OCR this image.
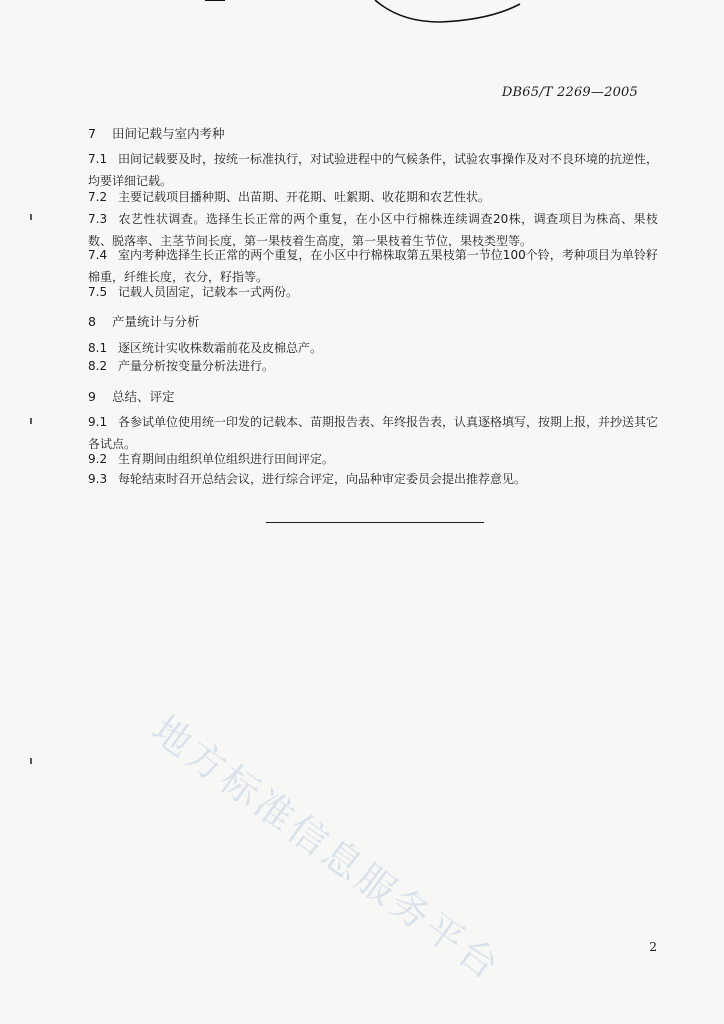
DB65/T 2269—2005
7 田间记载与室内考种
7.1 田间记载要及时，按统一标准执行，对试验进程中的气候条件，试验农事操作及对不良环境的抗逆性，均要详细记载。
7.2 主要记载项目播种期、出苗期、开花期、吐絮期、收花期和农艺性状。
7.3 农艺性状调查。选择生长正常的两个重复，在小区中行棉株连续调查20株，调查项目为株高、果枝数、脱落率、主茎节间长度，第一果枝着生高度，第一果枝着生节位，果枝类型等。
7.4 室内考种选择生长正常的两个重复，在小区中行棉株取第五果枝第一节位100个铃，考种项目为单铃籽棉重，纤维长度，衣分，籽指等。
7.5 记载人员固定，记载本一式两份。
8 产量统计与分析
8.1 逐区统计实收株数霜前花及皮棉总产。
8.2 产量分析按变量分析法进行。
9 总结、评定
9.1 各参试单位使用统一印发的记载本、苗期报告表、年终报告表，认真逐格填写，按期上报，并抄送其它各试点。
9.2 生育期间由组织单位组织进行田间评定。
9.3 每轮结束时召开总结会议，进行综合评定，向品种审定委员会提出推荐意见。
地方标准信息服务平台	2
